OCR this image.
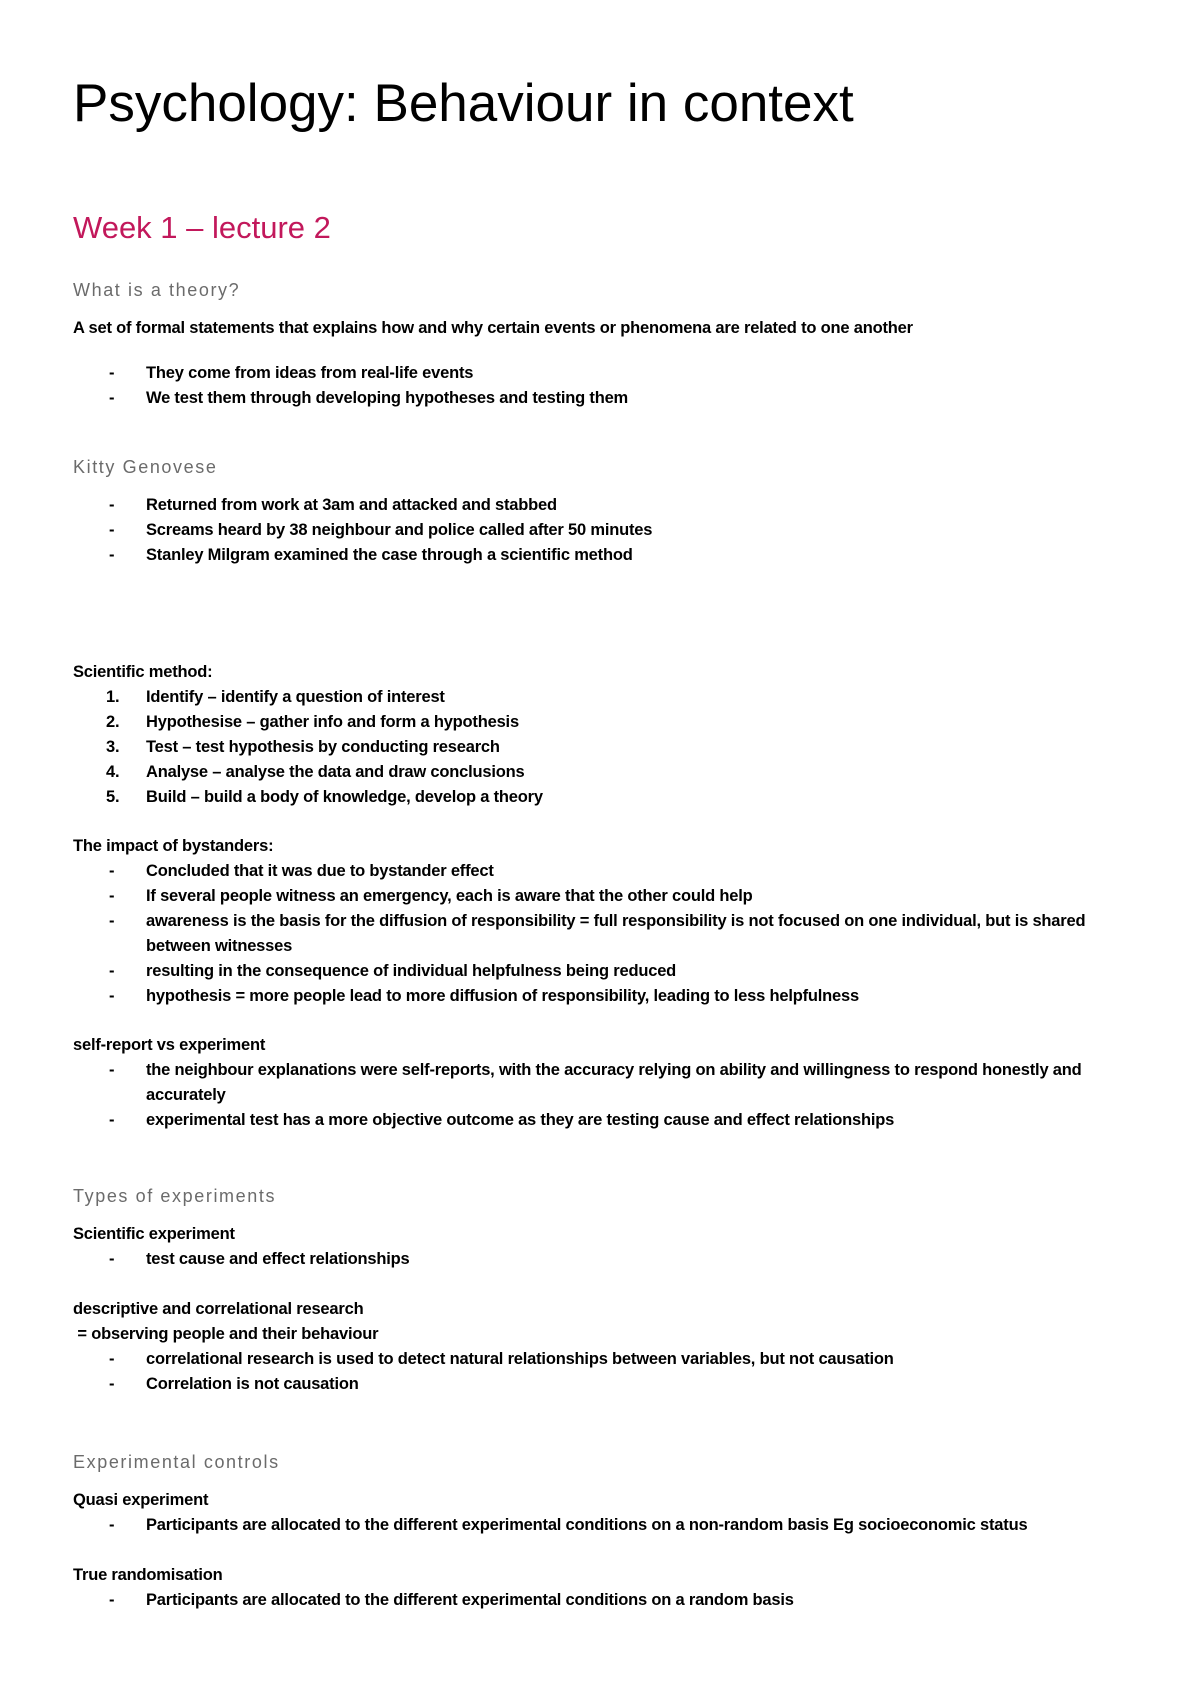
Psychology: Behaviour in context
Week 1 – lecture 2
What is a theory?
A set of formal statements that explains how and why certain events or phenomena are related to one another
-	They come from ideas from real-life events
-	We test them through developing hypotheses and testing them
Kitty Genovese
-	Returned from work at 3am and attacked and stabbed
-	Screams heard by 38 neighbour and police called after 50 minutes
-	Stanley Milgram examined the case through a scientific method
Scientific method:
1.	Identify – identify a question of interest
2.	Hypothesise – gather info and form a hypothesis
3.	Test – test hypothesis by conducting research
4.	Analyse – analyse the data and draw conclusions
5.	Build – build a body of knowledge, develop a theory
The impact of bystanders:
-	Concluded that it was due to bystander effect
-	If several people witness an emergency, each is aware that the other could help
-	awareness is the basis for the diffusion of responsibility = full responsibility is not focused on one individual, but is shared between witnesses
-	resulting in the consequence of individual helpfulness being reduced
-	hypothesis = more people lead to more diffusion of responsibility, leading to less helpfulness
self-report vs experiment
-	the neighbour explanations were self-reports, with the accuracy relying on ability and willingness to respond honestly and accurately
-	experimental test has a more objective outcome as they are testing cause and effect relationships
Types of experiments
Scientific experiment
-	test cause and effect relationships
descriptive and correlational research
= observing people and their behaviour
-	correlational research is used to detect natural relationships between variables, but not causation
-	Correlation is not causation
Experimental controls
Quasi experiment
-	Participants are allocated to the different experimental conditions on a non-random basis Eg socioeconomic status
True randomisation
-	Participants are allocated to the different experimental conditions on a random basis
